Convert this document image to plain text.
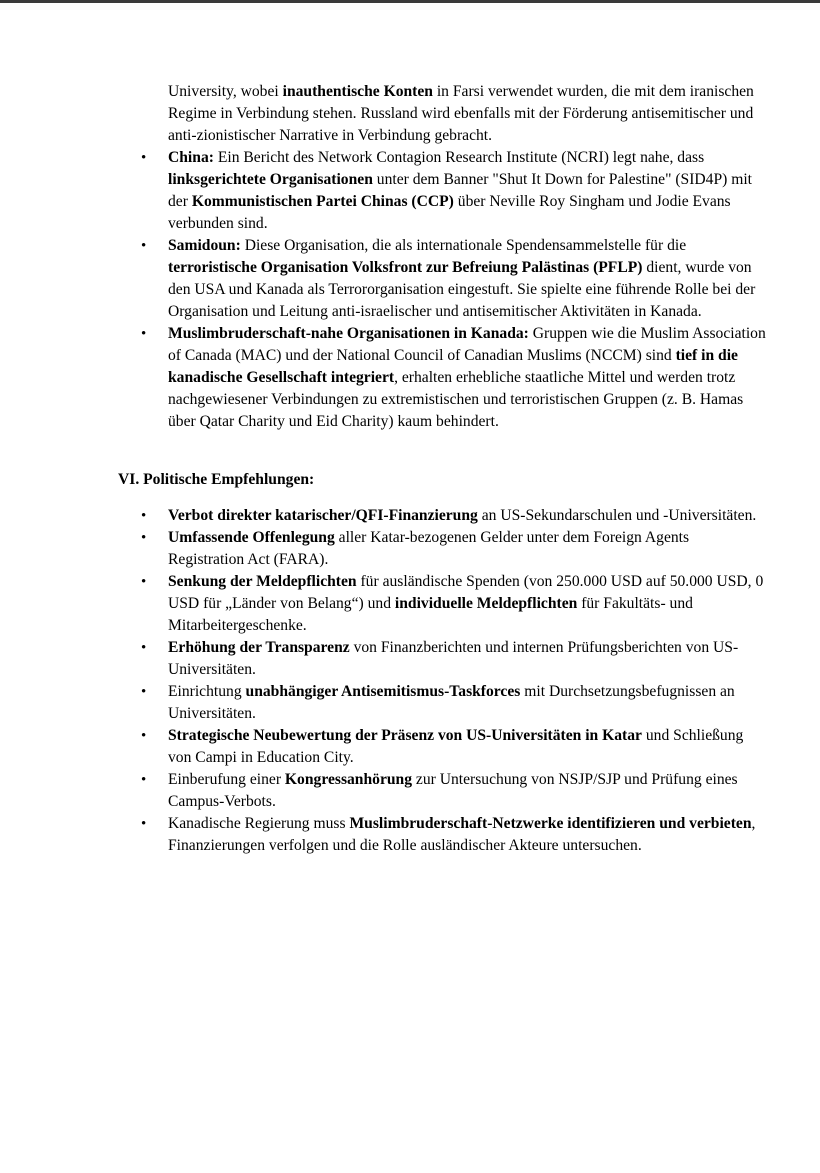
University, wobei inauthentische Konten in Farsi verwendet wurden, die mit dem iranischen Regime in Verbindung stehen. Russland wird ebenfalls mit der Förderung antisemitischer und anti-zionistischer Narrative in Verbindung gebracht.

• China: Ein Bericht des Network Contagion Research Institute (NCRI) legt nahe, dass linksgerichtete Organisationen unter dem Banner "Shut It Down for Palestine" (SID4P) mit der Kommunistischen Partei Chinas (CCP) über Neville Roy Singham und Jodie Evans verbunden sind.
• Samidoun: Diese Organisation, die als internationale Spendensammelstelle für die terroristische Organisation Volksfront zur Befreiung Palästinas (PFLP) dient, wurde von den USA und Kanada als Terrororganisation eingestuft. Sie spielte eine führende Rolle bei der Organisation und Leitung anti-israelischer und antisemitischer Aktivitäten in Kanada.
• Muslimbruderschaft-nahe Organisationen in Kanada: Gruppen wie die Muslim Association of Canada (MAC) und der National Council of Canadian Muslims (NCCM) sind tief in die kanadische Gesellschaft integriert, erhalten erhebliche staatliche Mittel und werden trotz nachgewiesener Verbindungen zu extremistischen und terroristischen Gruppen (z. B. Hamas über Qatar Charity und Eid Charity) kaum behindert.

VI. Politische Empfehlungen:

• Verbot direkter katarischer/QFI-Finanzierung an US-Sekundarschulen und -Universitäten.
• Umfassende Offenlegung aller Katar-bezogenen Gelder unter dem Foreign Agents Registration Act (FARA).
• Senkung der Meldepflichten für ausländische Spenden (von 250.000 USD auf 50.000 USD, 0 USD für „Länder von Belang“) und individuelle Meldepflichten für Fakultäts- und Mitarbeitergeschenke.
• Erhöhung der Transparenz von Finanzberichten und internen Prüfungsberichten von US-Universitäten.
• Einrichtung unabhängiger Antisemitismus-Taskforces mit Durchsetzungsbefugnissen an Universitäten.
• Strategische Neubewertung der Präsenz von US-Universitäten in Katar und Schließung von Campi in Education City.
• Einberufung einer Kongressanhörung zur Untersuchung von NSJP/SJP und Prüfung eines Campus-Verbots.
• Kanadische Regierung muss Muslimbruderschaft-Netzwerke identifizieren und verbieten, Finanzierungen verfolgen und die Rolle ausländischer Akteure untersuchen.
